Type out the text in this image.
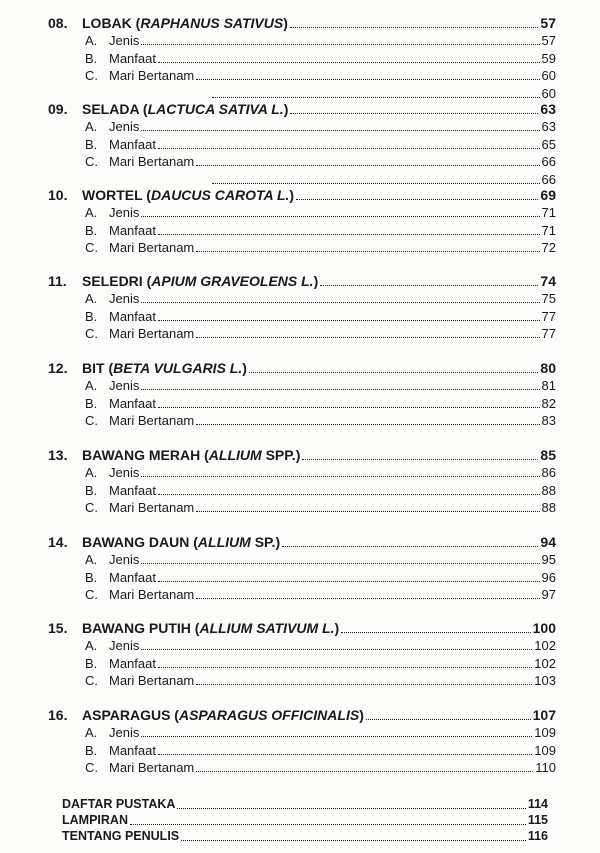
08. LOBAK (RAPHANUS SATIVUS)	57
A. Jenis	57
B. Manfaat	59
C. Mari Bertanam	60
60
09. SELADA (LACTUCA SATIVA L.)	63
A. Jenis	63
B. Manfaat	65
C. Mari Bertanam	66
66
10. WORTEL (DAUCUS CAROTA L.)	69
A. Jenis	71
B. Manfaat	71
C. Mari Bertanam	72
11. SELEDRI (APIUM GRAVEOLENS L.)	74
A. Jenis	75
B. Manfaat	77
C. Mari Bertanam	77
12. BIT (BETA VULGARIS L.)	80
A. Jenis	81
B. Manfaat	82
C. Mari Bertanam	83
13. BAWANG MERAH (ALLIUM SPP.)	85
A. Jenis	86
B. Manfaat	88
C. Mari Bertanam	88
14. BAWANG DAUN (ALLIUM SP.)	94
A. Jenis	95
B. Manfaat	96
C. Mari Bertanam	97
15. BAWANG PUTIH (ALLIUM SATIVUM L.)	100
A. Jenis	102
B. Manfaat	102
C. Mari Bertanam	103
16. ASPARAGUS (ASPARAGUS OFFICINALIS)	107
A. Jenis	109
B. Manfaat	109
C. Mari Bertanam	110
DAFTAR PUSTAKA	114
LAMPIRAN	115
TENTANG PENULIS	116
